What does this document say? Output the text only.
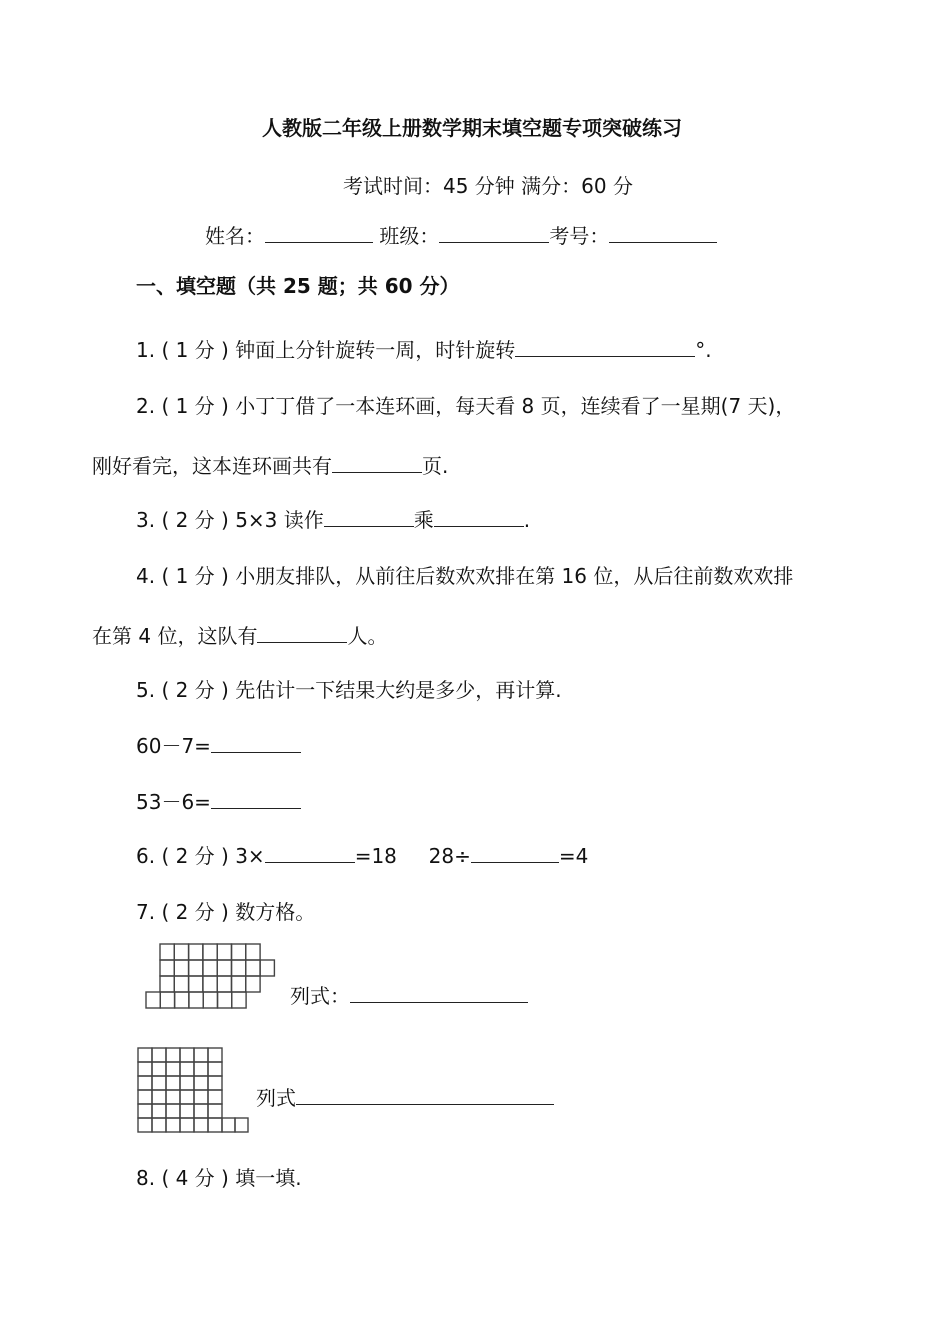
人教版二年级上册数学期末填空题专项突破练习
考试时间：45 分钟 满分：60 分
姓名：	班级：	考号：
一、填空题（共 25 题；共 60 分）
1. ( 1 分 ) 钟面上分针旋转一周，时针旋转	°.
2. ( 1 分 ) 小丁丁借了一本连环画，每天看 8 页，连续看了一星期(7 天)，
刚好看完，这本连环画共有	页.
3. ( 2 分 ) 5×3 读作	乘	.
4. ( 1 分 ) 小朋友排队，从前往后数欢欢排在第 16 位，从后往前数欢欢排
在第 4 位，这队有	人。
5. ( 2 分 ) 先估计一下结果大约是多少，再计算.
60－7=
53－6=
6. ( 2 分 ) 3×	=18     28÷	=4
7. ( 2 分 ) 数方格。
列式：
列式
8. ( 4 分 ) 填一填.
